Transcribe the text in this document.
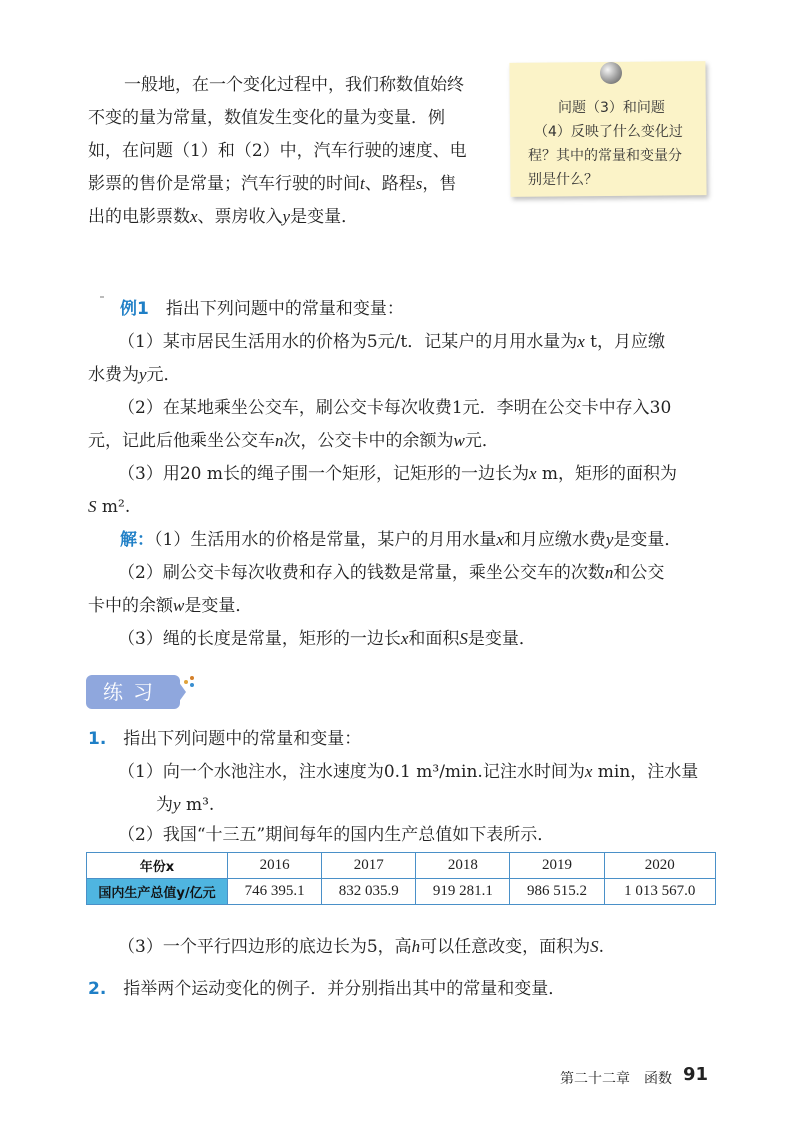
一般地，在一个变化过程中，我们称数值始终
不变的量为常量，数值发生变化的量为变量．例
如，在问题（1）和（2）中，汽车行驶的速度、电
影票的售价是常量；汽车行驶的时间t、路程s，售
出的电影票数x、票房收入y是变量．
问题（3）和问题
（4）反映了什么变化过
程？其中的常量和变量分
别是什么？
例1　 指出下列问题中的常量和变量：
（1）某市居民生活用水的价格为5元/t．记某户的月用水量为x t，月应缴
水费为y元．
（2）在某地乘坐公交车，刷公交卡每次收费1元．李明在公交卡中存入30
元，记此后他乘坐公交车n次，公交卡中的余额为w元．
（3）用20 m长的绳子围一个矩形，记矩形的一边长为x m，矩形的面积为
S m².
解：（1）生活用水的价格是常量，某户的月用水量x和月应缴水费y是变量．
（2）刷公交卡每次收费和存入的钱数是常量，乘坐公交车的次数n和公交
卡中的余额w是变量．
（3）绳的长度是常量，矩形的一边长x和面积S是变量．
练习
1.　 指出下列问题中的常量和变量：
（1）向一个水池注水，注水速度为0.1 m³/min.记注水时间为x min，注水量
为y m³.
（2）我国“十三五”期间每年的国内生产总值如下表所示．
年份x	2016	2017	2018	2019	2020
国内生产总值y/亿元	746 395.1	832 035.9	919 281.1	986 515.2	1 013 567.0
（3）一个平行四边形的底边长为5，高h可以任意改变，面积为S.
2.　 指举两个运动变化的例子．并分别指出其中的常量和变量．
第二十二章　函数 91
